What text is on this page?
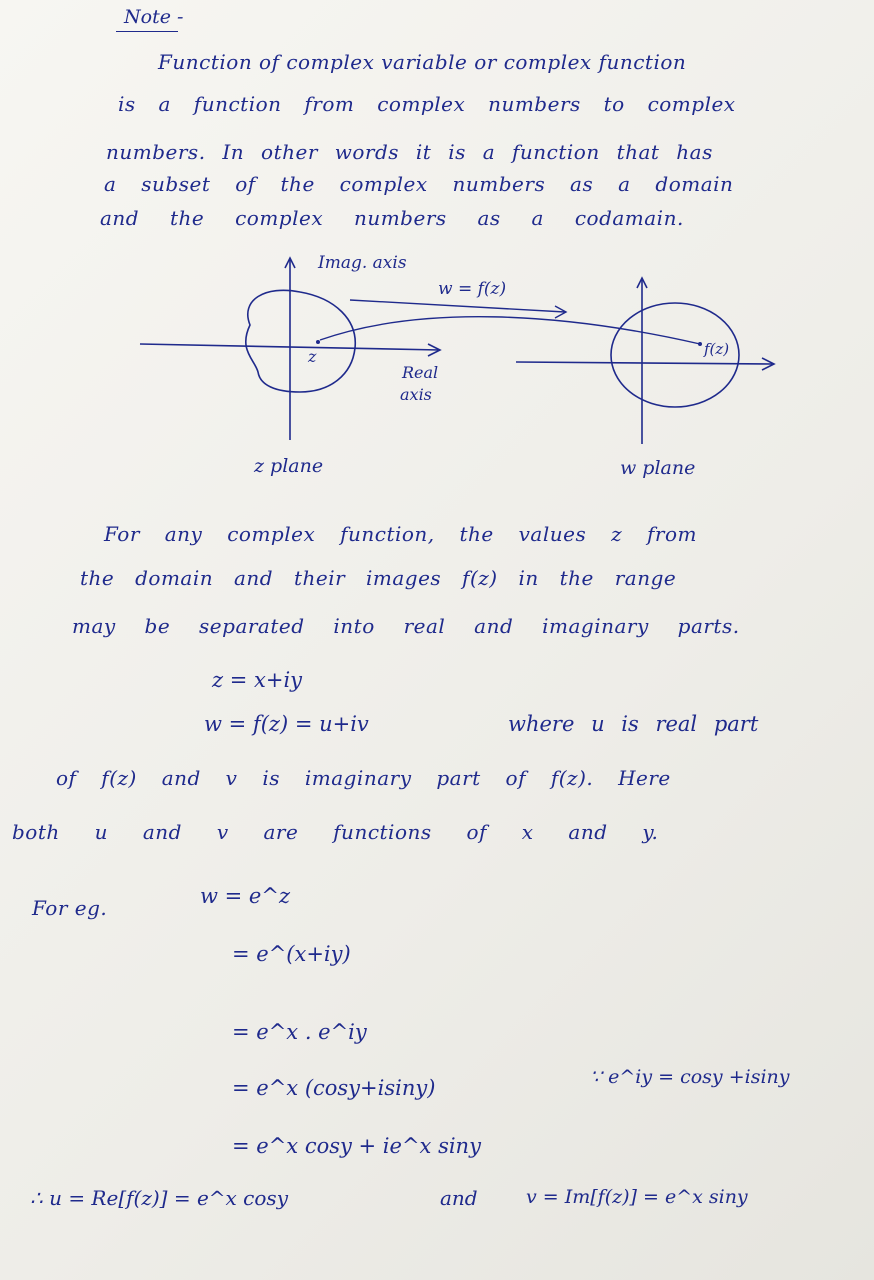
Note -
Function of complex variable or complex function
is a function from complex numbers to complex
numbers. In other words it is a function that has
a subset of the complex numbers as a domain
and the complex numbers as a codamain.
z
Imag. axis
w = f(z)
Real
axis
f(z)
z plane	w plane
For any complex function, the values z from
the domain and their images f(z) in the range
may be separated into real and imaginary parts.
z = x+iy
w = f(z) = u+iv	where u is real part
of f(z) and v is imaginary part of f(z). Here
both u and v are functions of x and y.
For eg.	w = e^z
= e^(x+iy)
= e^x . e^iy
= e^x (cosy+isiny)
= e^x cosy + ie^x siny
∵ e^iy = cosy +isiny
∴ u = Re[f(z)] = e^x cosy	and	v = Im[f(z)] = e^x siny
